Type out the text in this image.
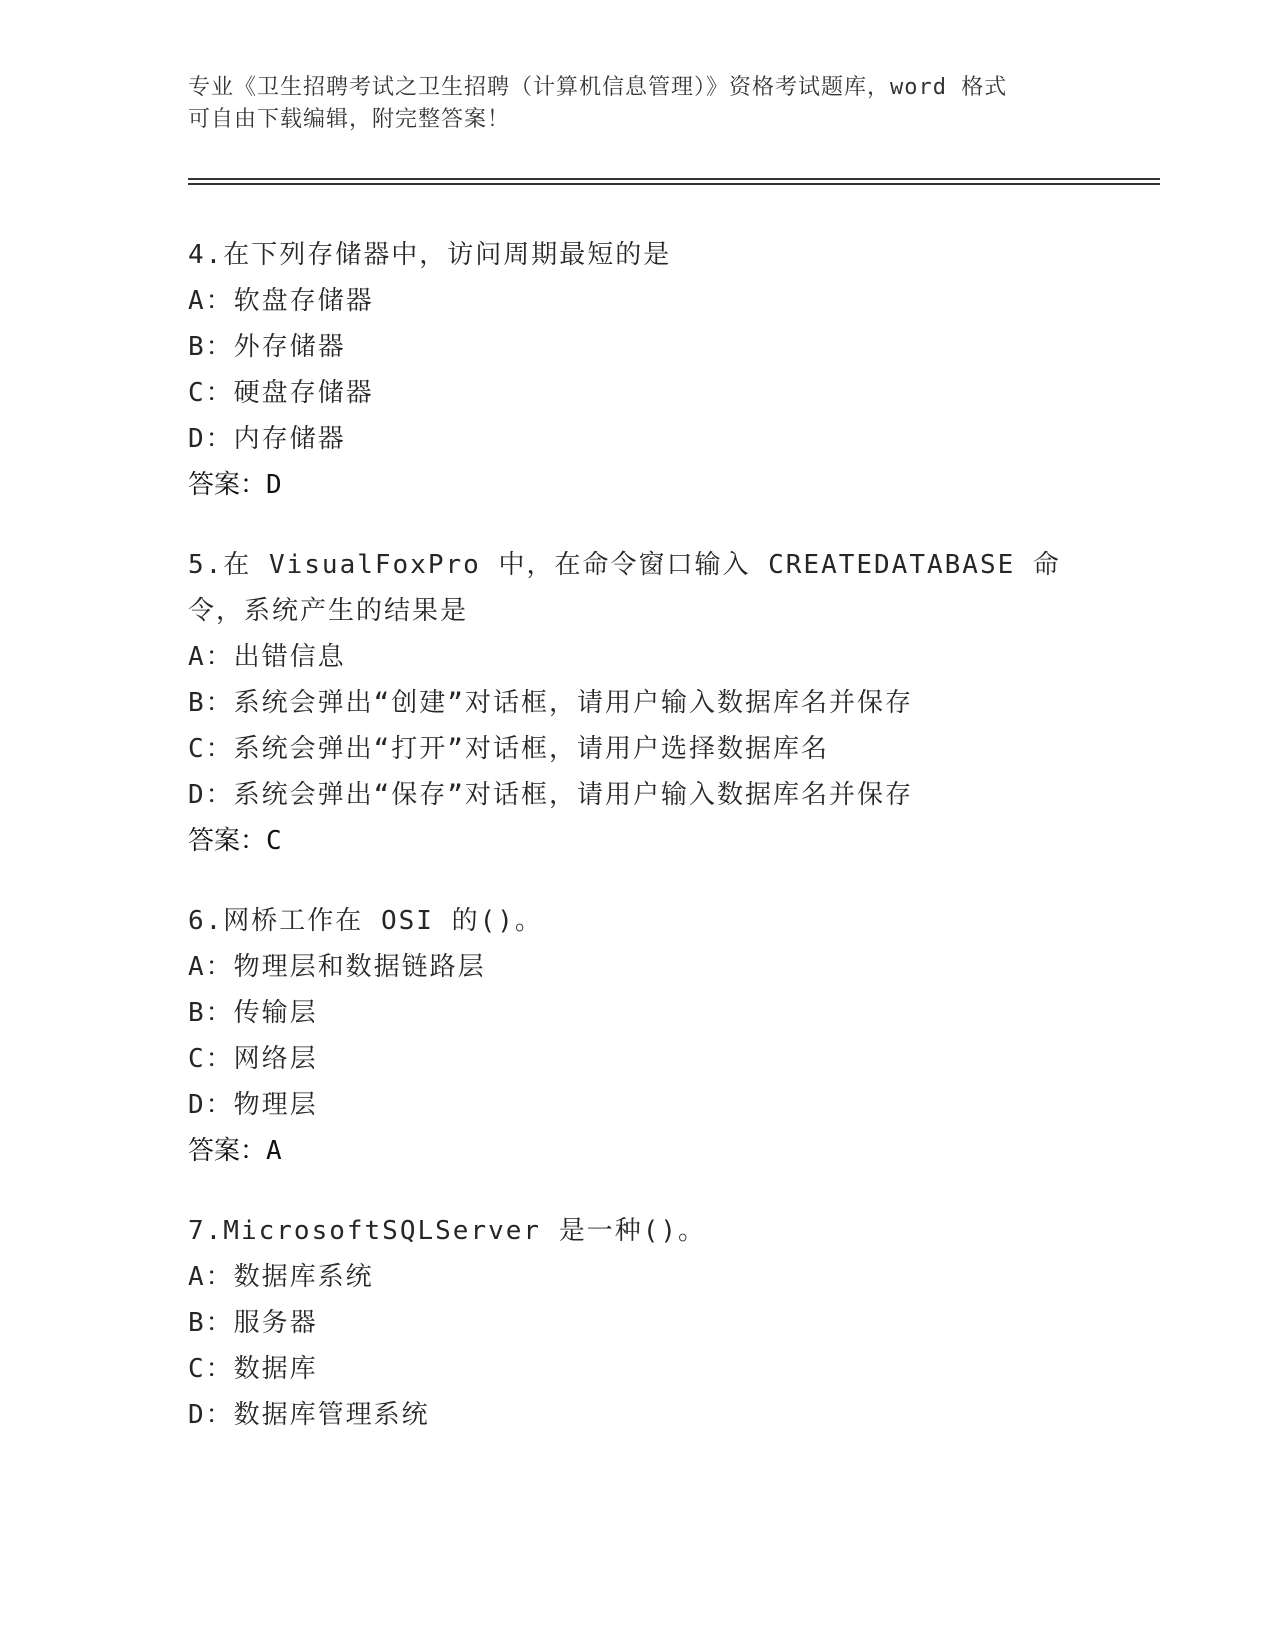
专业《卫生招聘考试之卫生招聘（计算机信息管理）》资格考试题库，word 格式
可自由下载编辑，附完整答案！
4.在下列存储器中，访问周期最短的是
A：软盘存储器
B：外存储器
C：硬盘存储器
D：内存储器
答案：D
5.在 VisualFoxPro 中，在命令窗口输入 CREATEDATABASE 命令，系统产生的结果是
A：出错信息
B：系统会弹出“创建”对话框，请用户输入数据库名并保存
C：系统会弹出“打开”对话框，请用户选择数据库名
D：系统会弹出“保存”对话框，请用户输入数据库名并保存
答案：C
6.网桥工作在 OSI 的()。
A：物理层和数据链路层
B：传输层
C：网络层
D：物理层
答案：A
7.MicrosoftSQLServer 是一种()。
A：数据库系统
B：服务器
C：数据库
D：数据库管理系统
